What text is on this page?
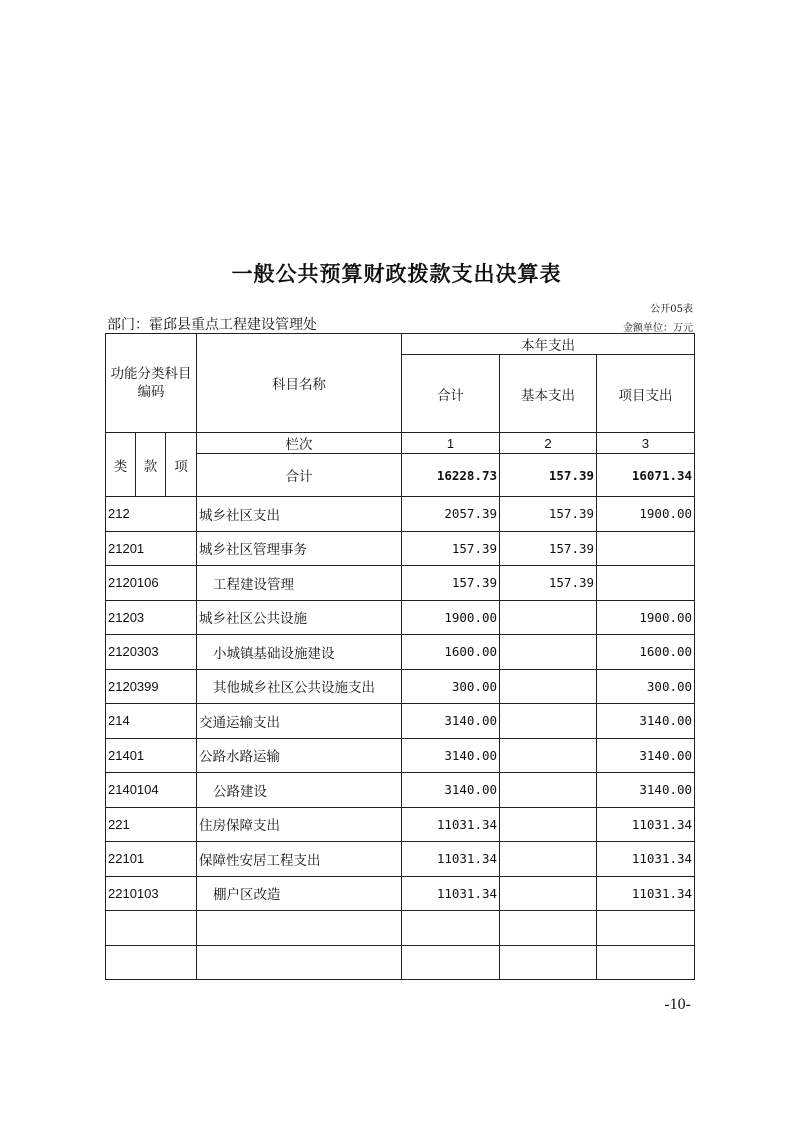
一般公共预算财政拨款支出决算表
公开05表
部门：霍邱县重点工程建设管理处	金额单位：万元
功能分类科目编码			科目名称	本年支出		
				合计	基本支出	项目支出
类	款	项	栏次	1	2	3
			合计	16228.73	157.39	16071.34
212			城乡社区支出	2057.39	157.39	1900.00
21201			城乡社区管理事务	157.39	157.39	
2120106			工程建设管理	157.39	157.39	
21203			城乡社区公共设施	1900.00		1900.00
2120303			小城镇基础设施建设	1600.00		1600.00
2120399			其他城乡社区公共设施支出	300.00		300.00
214			交通运输支出	3140.00		3140.00
21401			公路水路运输	3140.00		3140.00
2140104			公路建设	3140.00		3140.00
221			住房保障支出	11031.34		11031.34
22101			保障性安居工程支出	11031.34		11031.34
2210103			棚户区改造	11031.34		11031.34

-10-
